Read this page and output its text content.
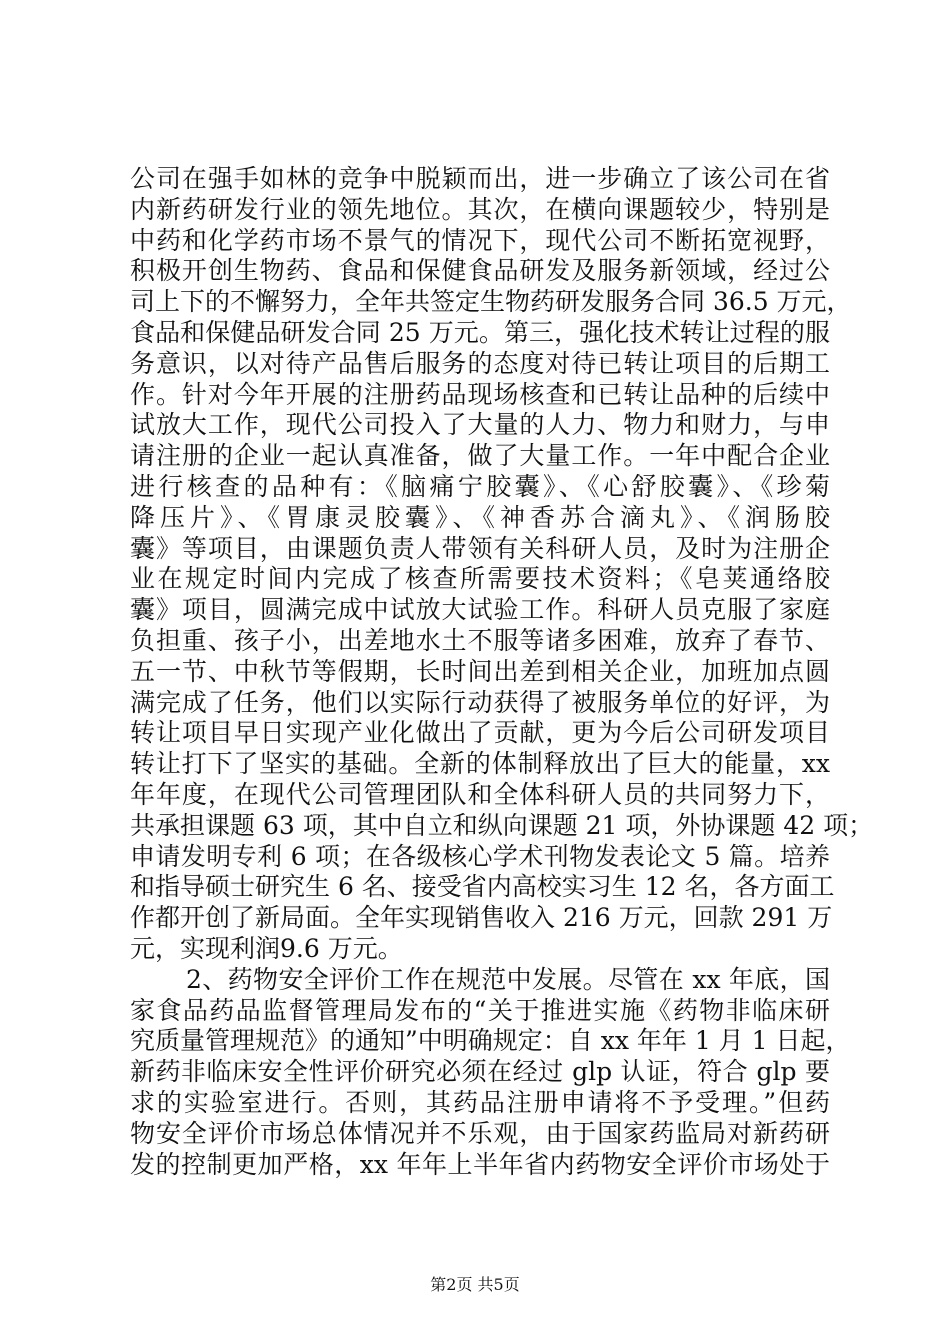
公司在强手如林的竞争中脱颖而出，进一步确立了该公司在省
内新药研发行业的领先地位。其次，在横向课题较少，特别是
中药和化学药市场不景气的情况下，现代公司不断拓宽视野，
积极开创生物药、食品和保健食品研发及服务新领域，经过公
司上下的不懈努力，全年共签定生物药研发服务合同 36.5 万元，
食品和保健品研发合同 25 万元。第三，强化技术转让过程的服
务意识，以对待产品售后服务的态度对待已转让项目的后期工
作。针对今年开展的注册药品现场核查和已转让品种的后续中
试放大工作，现代公司投入了大量的人力、物力和财力，与申
请注册的企业一起认真准备，做了大量工作。一年中配合企业
进行核查的品种有：《脑痛宁胶囊》、《心舒胶囊》、《珍菊
降压片》、《胃康灵胶囊》、《神香苏合滴丸》、《润肠胶
囊》等项目，由课题负责人带领有关科研人员，及时为注册企
业在规定时间内完成了核查所需要技术资料；《皂荚通络胶
囊》项目，圆满完成中试放大试验工作。科研人员克服了家庭
负担重、孩子小，出差地水土不服等诸多困难，放弃了春节、
五一节、中秋节等假期，长时间出差到相关企业，加班加点圆
满完成了任务，他们以实际行动获得了被服务单位的好评，为
转让项目早日实现产业化做出了贡献，更为今后公司研发项目
转让打下了坚实的基础。全新的体制释放出了巨大的能量，xx
年年度，在现代公司管理团队和全体科研人员的共同努力下，
共承担课题 63 项，其中自立和纵向课题 21 项，外协课题 42 项；
申请发明专利 6 项；在各级核心学术刊物发表论文 5 篇。培养
和指导硕士研究生 6 名、接受省内高校实习生 12 名，各方面工
作都开创了新局面。全年实现销售收入 216 万元，回款 291 万
元，实现利润9.6 万元。
2、药物安全评价工作在规范中发展。尽管在 xx 年底，国
家食品药品监督管理局发布的“关于推进实施《药物非临床研
究质量管理规范》的通知”中明确规定：自 xx 年年 1 月 1 日起，
新药非临床安全性评价研究必须在经过 glp 认证，符合 glp 要
求的实验室进行。否则，其药品注册申请将不予受理。”但药
物安全评价市场总体情况并不乐观，由于国家药监局对新药研
发的控制更加严格，xx 年年上半年省内药物安全评价市场处于
第2页 共5页
